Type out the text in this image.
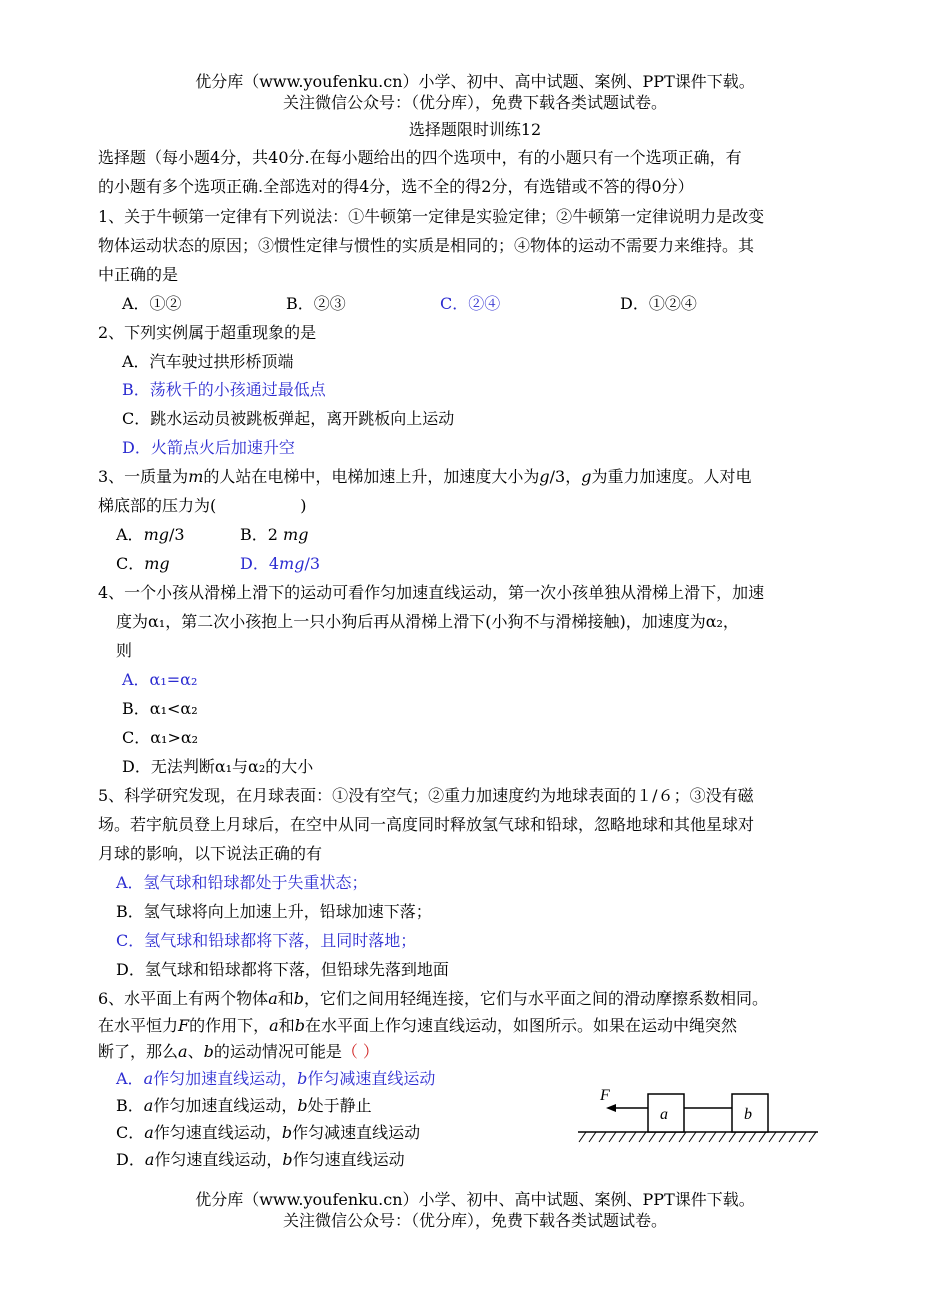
优分库（www.youfenku.cn）小学、初中、高中试题、案例、PPT课件下载。
关注微信公众号：（优分库），免费下载各类试题试卷。
选择题限时训练12
选择题（每小题4分，共40分.在每小题给出的四个选项中，有的小题只有一个选项正确，有
的小题有多个选项正确.全部选对的得4分，选不全的得2分，有选错或不答的得0分）
1、关于牛顿第一定律有下列说法：①牛顿第一定律是实验定律；②牛顿第一定律说明力是改变
物体运动状态的原因；③惯性定律与惯性的实质是相同的；④物体的运动不需要力来维持。其
中正确的是
A．①②	B．②③	C．②④	D．①②④
2、下列实例属于超重现象的是
A．汽车驶过拱形桥顶端
B．荡秋千的小孩通过最低点
C．跳水运动员被跳板弹起，离开跳板向上运动
D．火箭点火后加速升空
3、一质量为m的人站在电梯中，电梯加速上升，加速度大小为g/3，g为重力加速度。人对电
梯底部的压力为(	)
A．mg/3	B．2 mg
C．mg	D．4mg/3
4、一个小孩从滑梯上滑下的运动可看作匀加速直线运动，第一次小孩单独从滑梯上滑下，加速
度为α₁，第二次小孩抱上一只小狗后再从滑梯上滑下(小狗不与滑梯接触)，加速度为α₂，
则
A．α₁=α₂
B．α₁<α₂
C．α₁>α₂
D．无法判断α₁与α₂的大小
5、科学研究发现，在月球表面：①没有空气；②重力加速度约为地球表面的１/６；③没有磁
场。若宇航员登上月球后，在空中从同一高度同时释放氢气球和铅球，忽略地球和其他星球对
月球的影响，以下说法正确的有
A．氢气球和铅球都处于失重状态；
B．氢气球将向上加速上升，铅球加速下落；
C．氢气球和铅球都将下落，且同时落地；
D．氢气球和铅球都将下落，但铅球先落到地面
6、水平面上有两个物体a和b，它们之间用轻绳连接，它们与水平面之间的滑动摩擦系数相同。
在水平恒力F的作用下，a和b在水平面上作匀速直线运动，如图所示。如果在运动中绳突然
断了，那么a、b的运动情况可能是（ ）
A．a作匀加速直线运动，b作匀减速直线运动
B．a作匀加速直线运动，b处于静止
C．a作匀速直线运动，b作匀减速直线运动
D．a作匀速直线运动，b作匀速直线运动
F
a	b
优分库（www.youfenku.cn）小学、初中、高中试题、案例、PPT课件下载。
关注微信公众号：（优分库），免费下载各类试题试卷。
